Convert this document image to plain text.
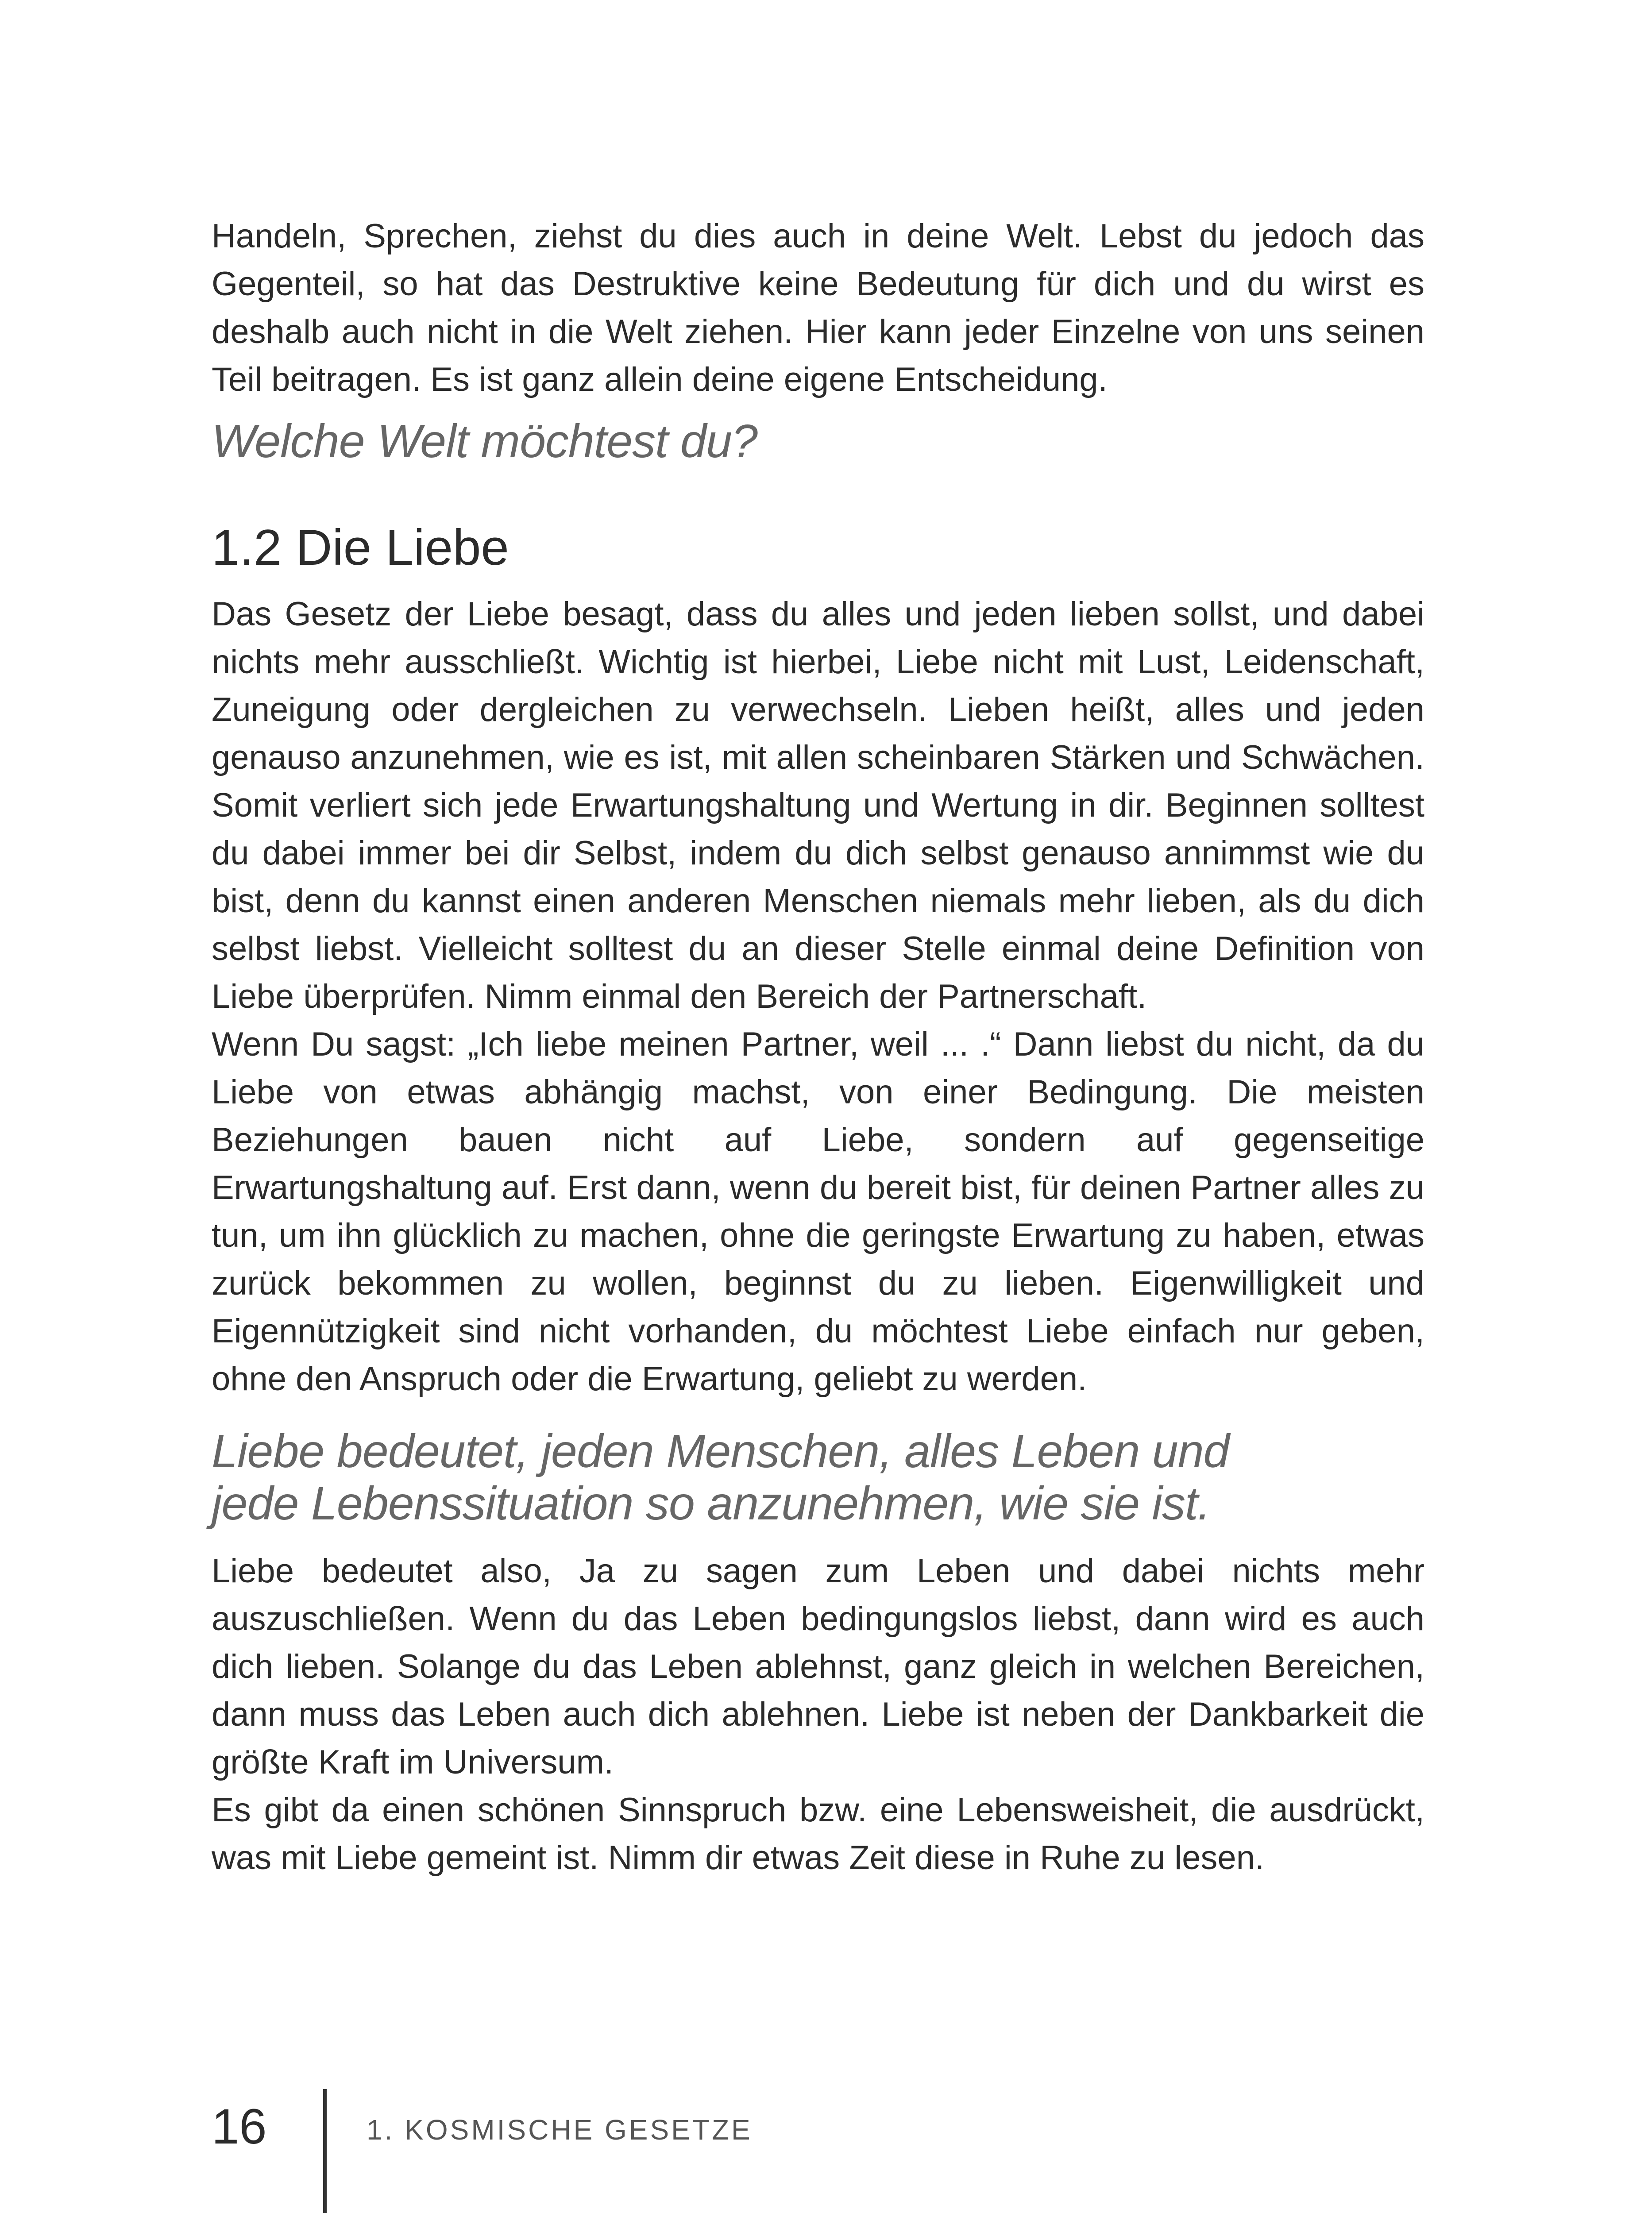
Handeln, Sprechen, ziehst du dies auch in deine Welt. Lebst du jedoch das Gegenteil, so hat das Destruktive keine Bedeutung für dich und du wirst es deshalb auch nicht in die Welt ziehen. Hier kann jeder Einzelne von uns seinen Teil beitragen. Es ist ganz allein deine eigene Entscheidung.

Welche Welt möchtest du?

1.2 Die Liebe

Das Gesetz der Liebe besagt, dass du alles und jeden lieben sollst, und dabei nichts mehr ausschließt. Wichtig ist hierbei, Liebe nicht mit Lust, Leidenschaft, Zuneigung oder dergleichen zu verwechseln. Lieben heißt, alles und jeden genauso anzunehmen, wie es ist, mit allen scheinbaren Stärken und Schwächen. Somit verliert sich jede Erwartungshaltung und Wertung in dir. Beginnen solltest du dabei immer bei dir Selbst, indem du dich selbst genauso annimmst wie du bist, denn du kannst einen anderen Menschen niemals mehr lieben, als du dich selbst liebst. Vielleicht solltest du an dieser Stelle einmal deine Definition von Liebe überprüfen. Nimm einmal den Bereich der Partnerschaft.

Wenn Du sagst: „Ich liebe meinen Partner, weil ... .“ Dann liebst du nicht, da du Liebe von etwas abhängig machst, von einer Bedingung. Die meisten Beziehungen bauen nicht auf Liebe, sondern auf gegenseitige Erwartungshaltung auf. Erst dann, wenn du bereit bist, für deinen Partner alles zu tun, um ihn glücklich zu machen, ohne die geringste Erwartung zu haben, etwas zurück bekommen zu wollen, beginnst du zu lieben. Eigenwilligkeit und Eigennützigkeit sind nicht vorhanden, du möchtest Liebe einfach nur geben, ohne den Anspruch oder die Erwartung, geliebt zu werden.

Liebe bedeutet, jeden Menschen, alles Leben und

jede Lebenssituation so anzunehmen, wie sie ist.

Liebe bedeutet also, Ja zu sagen zum Leben und dabei nichts mehr auszuschließen. Wenn du das Leben bedingungslos liebst, dann wird es auch dich lieben. Solange du das Leben ablehnst, ganz gleich in welchen Bereichen, dann muss das Leben auch dich ablehnen. Liebe ist neben der Dankbarkeit die größte Kraft im Universum.

Es gibt da einen schönen Sinnspruch bzw. eine Lebensweisheit, die ausdrückt, was mit Liebe gemeint ist. Nimm dir etwas Zeit diese in Ruhe zu lesen.

16	1. KOSMISCHE GESETZE
